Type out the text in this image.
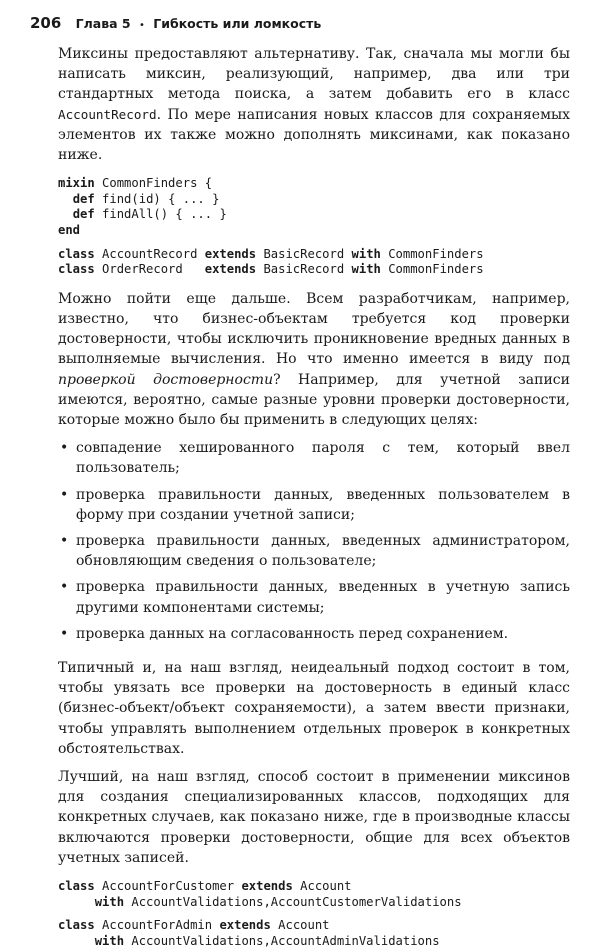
206 Глава 5 • Гибкость или ломкость

Миксины предоставляют альтернативу. Так, сначала мы могли бы написать миксин, реализующий, например, два или три стандартных метода поиска, а затем добавить его в класс AccountRecord. По мере написания новых классов для сохраняемых элементов их также можно дополнять миксинами, как показано ниже.

mixin CommonFinders {
def find(id) { ... }
def findAll() { ... }
end
class AccountRecord extends BasicRecord with CommonFinders
class OrderRecord   extends BasicRecord with CommonFinders

Можно пойти еще дальше. Всем разработчикам, например, известно, что бизнес-объектам требуется код проверки достоверности, чтобы исключить проникновение вредных данных в выполняемые вычисления. Но что именно имеется в виду под проверкой достоверности? Например, для учетной записи имеются, вероятно, самые разные уровни проверки достоверности, которые можно было бы применить в следующих целях:

• совпадение хешированного пароля с тем, который ввел пользователь;
• проверка правильности данных, введенных пользователем в форму при создании учетной записи;
• проверка правильности данных, введенных администратором, обновляющим сведения о пользователе;
• проверка правильности данных, введенных в учетную запись другими компонентами системы;
• проверка данных на согласованность перед сохранением.

Типичный и, на наш взгляд, неидеальный подход состоит в том, чтобы увязать все проверки на достоверность в единый класс (бизнес-объект/объект сохраняемости), а затем ввести признаки, чтобы управлять выполнением отдельных проверок в конкретных обстоятельствах.

Лучший, на наш взгляд, способ состоит в применении миксинов для создания специализированных классов, подходящих для конкретных случаев, как показано ниже, где в производные классы включаются проверки достоверности, общие для всех объектов учетных записей.

class AccountForCustomer extends Account
with AccountValidations,AccountCustomerValidations
class AccountForAdmin extends Account
with AccountValidations,AccountAdminValidations
